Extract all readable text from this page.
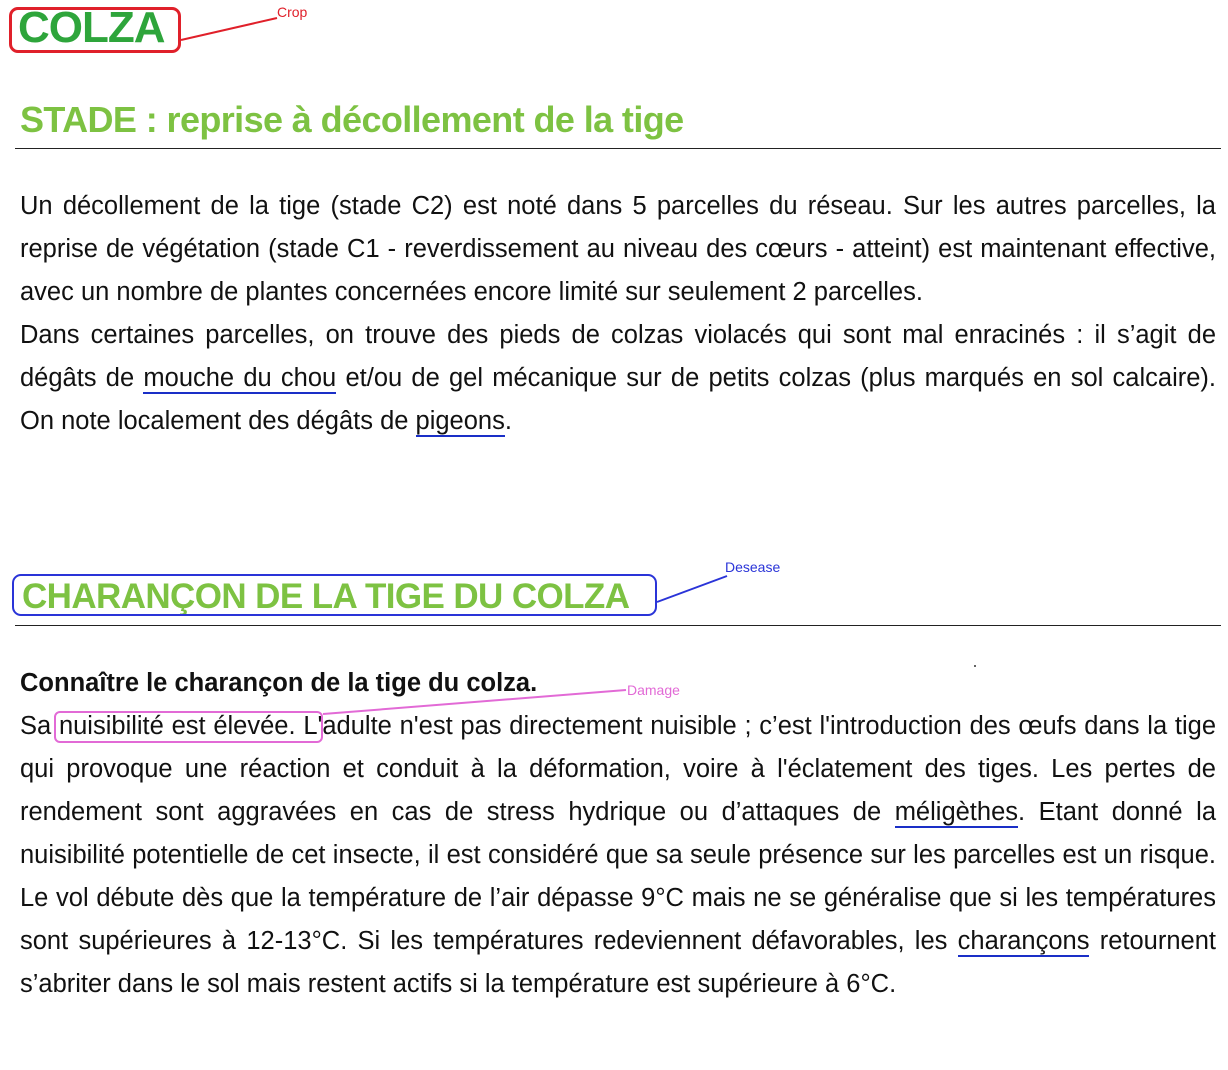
COLZA	Crop
STADE : reprise à décollement de la tige

Un décollement de la tige (stade C2) est noté dans 5 parcelles du réseau. Sur les autres parcelles, la reprise de végétation (stade C1 - reverdissement au niveau des cœurs - atteint) est maintenant effective, avec un nombre de plantes concernées encore limité sur seulement 2 parcelles.

Dans certaines parcelles, on trouve des pieds de colzas violacés qui sont mal enracinés : il s’agit de dégâts de mouche du chou et/ou de gel mécanique sur de petits colzas (plus marqués en sol calcaire). On note localement des dégâts de pigeons.

CHARANÇON DE LA TIGE DU COLZA
Desease

Connaître le charançon de la tige du colza.

Sa nuisibilité est élevée. L'adulte n'est pas directement nuisible ; c’est l'introduction des œufs dans la tige qui provoque une réaction et conduit à la déformation, voire à l'éclatement des tiges. Les pertes de rendement sont aggravées en cas de stress hydrique ou d’attaques de méligèthes. Etant donné la nuisibilité potentielle de cet insecte, il est considéré que sa seule présence sur les parcelles est un risque. Le vol débute dès que la température de l’air dépasse 9°C mais ne se généralise que si les températures sont supérieures à 12-13°C. Si les températures redeviennent défavorables, les charançons retournent s’abriter dans le sol mais restent actifs si la température est supérieure à 6°C.

Damage
